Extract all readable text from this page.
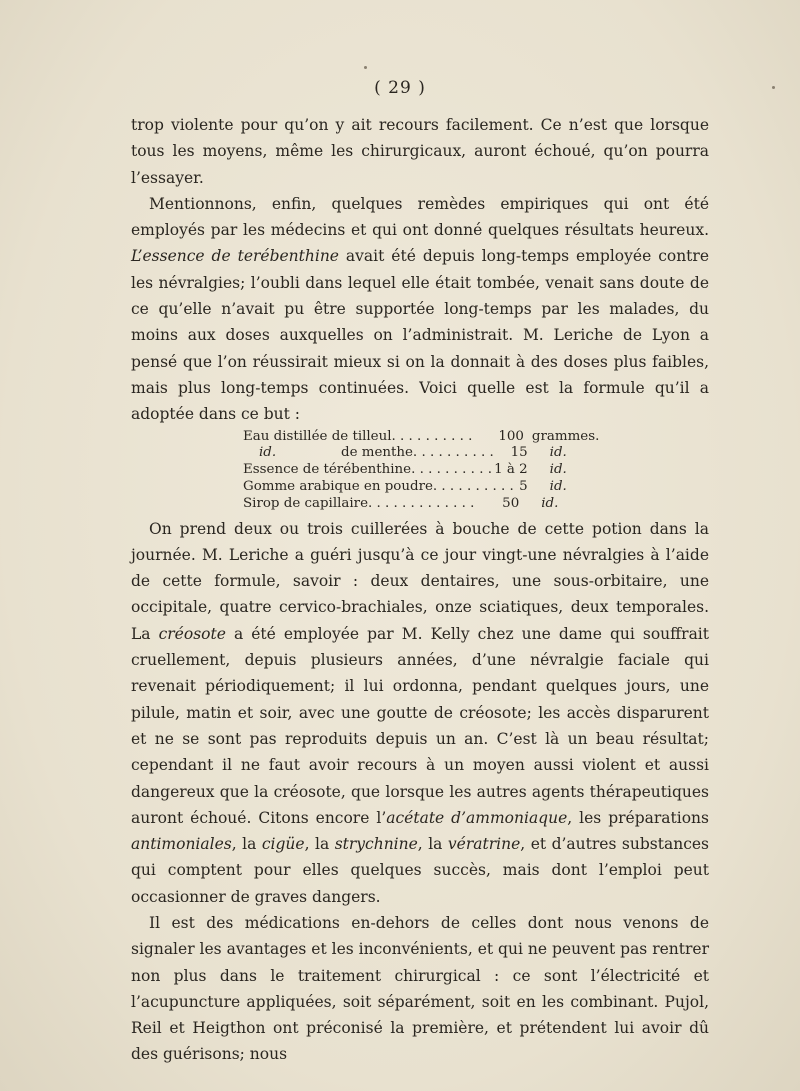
( 29 )

trop violente pour qu’on y ait recours facilement. Ce n’est que lorsque tous les moyens, même les chirurgicaux, auront échoué, qu’on pourra l’essayer.

Mentionnons, enfin, quelques remèdes empiriques qui ont été employés par les médecins et qui ont donné quelques résultats heureux. L’essence de terébenthine avait été depuis long-temps employée contre les névralgies; l’oubli dans lequel elle était tombée, venait sans doute de ce qu’elle n’avait pu être supportée long-temps par les malades, du moins aux doses auxquelles on l’administrait. M. Leriche de Lyon a pensé que l’on réussirait mieux si on la donnait à des doses plus faibles, mais plus long-temps continuées. Voici quelle est la formule qu’il a adoptée dans ce but :

Eau distillée de tilleul. . . . . . . . . .	100 grammes.
id.	de menthe. . . . . . . . . .	15	id.
Essence de térébenthine. . . . . . . . . . 1 à 2	id.
Gomme arabique en poudre. . . . . . . . . . 5	id.
Sirop de capillaire. . . . . . . . . . . . .	50	id.

On prend deux ou trois cuillerées à bouche de cette potion dans la journée. M. Leriche a guéri jusqu’à ce jour vingt-une névralgies à l’aide de cette formule, savoir : deux dentaires, une sous-orbitaire, une occipitale, quatre cervico-brachiales, onze sciatiques, deux temporales. La créosote a été employée par M. Kelly chez une dame qui souffrait cruellement, depuis plusieurs années, d’une névralgie faciale qui revenait périodiquement; il lui ordonna, pendant quelques jours, une pilule, matin et soir, avec une goutte de créosote; les accès disparurent et ne se sont pas reproduits depuis un an. C’est là un beau résultat; cependant il ne faut avoir recours à un moyen aussi violent et aussi dangereux que la créosote, que lorsque les autres agents thérapeutiques auront échoué. Citons encore l’acétate d’ammoniaque, les préparations antimoniales, la cigüe, la strychnine, la vératrine, et d’autres substances qui comptent pour elles quelques succès, mais dont l’emploi peut occasionner de graves dangers.

Il est des médications en-dehors de celles dont nous venons de signaler les avantages et les inconvénients, et qui ne peuvent pas rentrer non plus dans le traitement chirurgical : ce sont l’électricité et l’acupuncture appliquées, soit séparément, soit en les combinant. Pujol, Reil et Heigthon ont préconisé la première, et prétendent lui avoir dû des guérisons; nous
